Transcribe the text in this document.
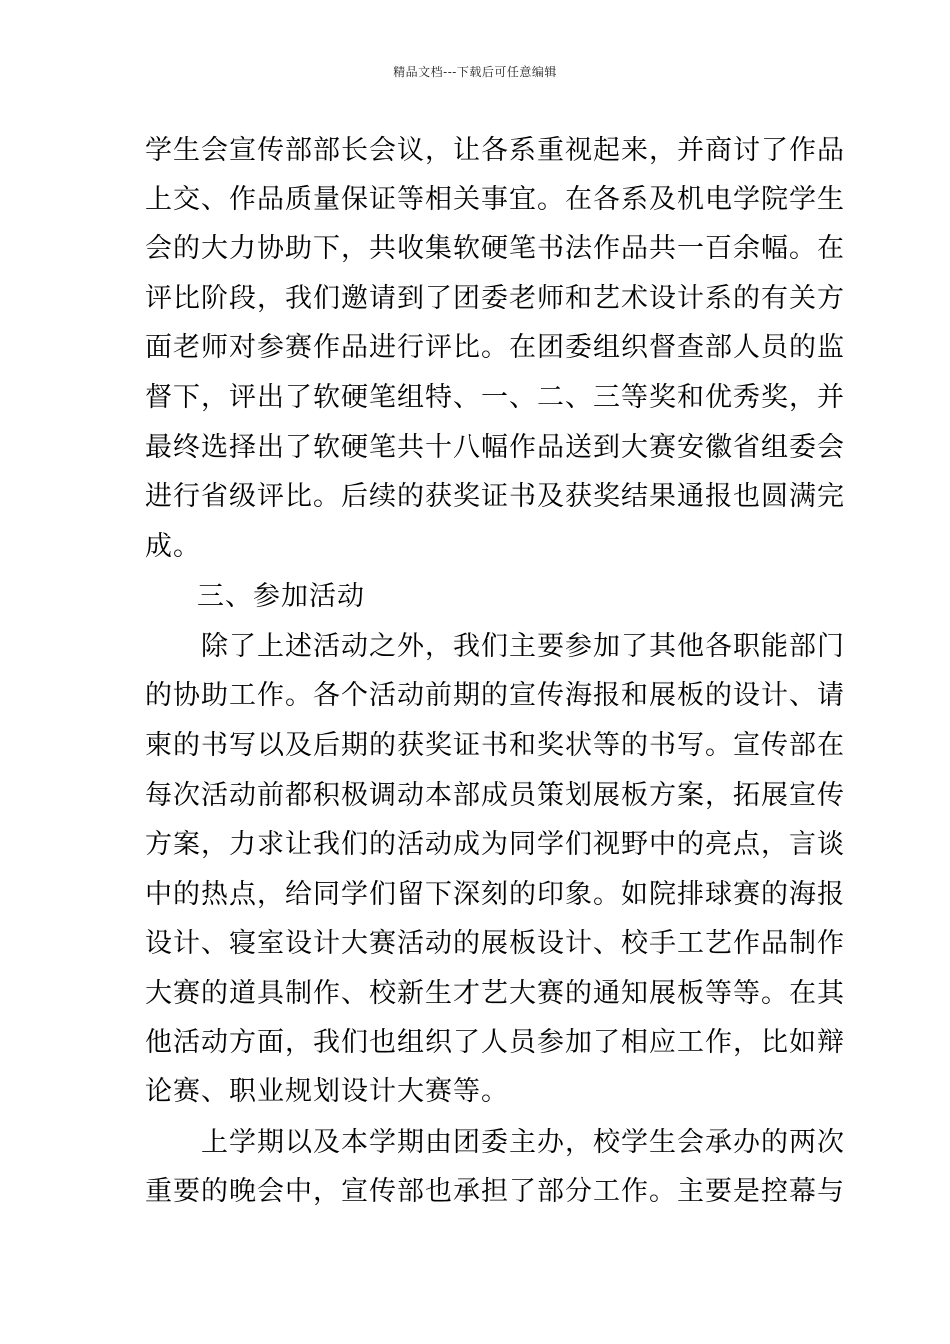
精品文档---下载后可任意编辑
学生会宣传部部长会议，让各系重视起来，并商讨了作品
上交、作品质量保证等相关事宜。在各系及机电学院学生
会的大力协助下，共收集软硬笔书法作品共一百余幅。在
评比阶段，我们邀请到了团委老师和艺术设计系的有关方
面老师对参赛作品进行评比。在团委组织督查部人员的监
督下，评出了软硬笔组特、一、二、三等奖和优秀奖，并
最终选择出了软硬笔共十八幅作品送到大赛安徽省组委会
进行省级评比。后续的获奖证书及获奖结果通报也圆满完
成。
三、参加活动
除了上述活动之外，我们主要参加了其他各职能部门
的协助工作。各个活动前期的宣传海报和展板的设计、请
柬的书写以及后期的获奖证书和奖状等的书写。宣传部在
每次活动前都积极调动本部成员策划展板方案，拓展宣传
方案，力求让我们的活动成为同学们视野中的亮点，言谈
中的热点，给同学们留下深刻的印象。如院排球赛的海报
设计、寝室设计大赛活动的展板设计、校手工艺作品制作
大赛的道具制作、校新生才艺大赛的通知展板等等。在其
他活动方面，我们也组织了人员参加了相应工作，比如辩
论赛、职业规划设计大赛等。
上学期以及本学期由团委主办，校学生会承办的两次
重要的晚会中，宣传部也承担了部分工作。主要是控幕与
